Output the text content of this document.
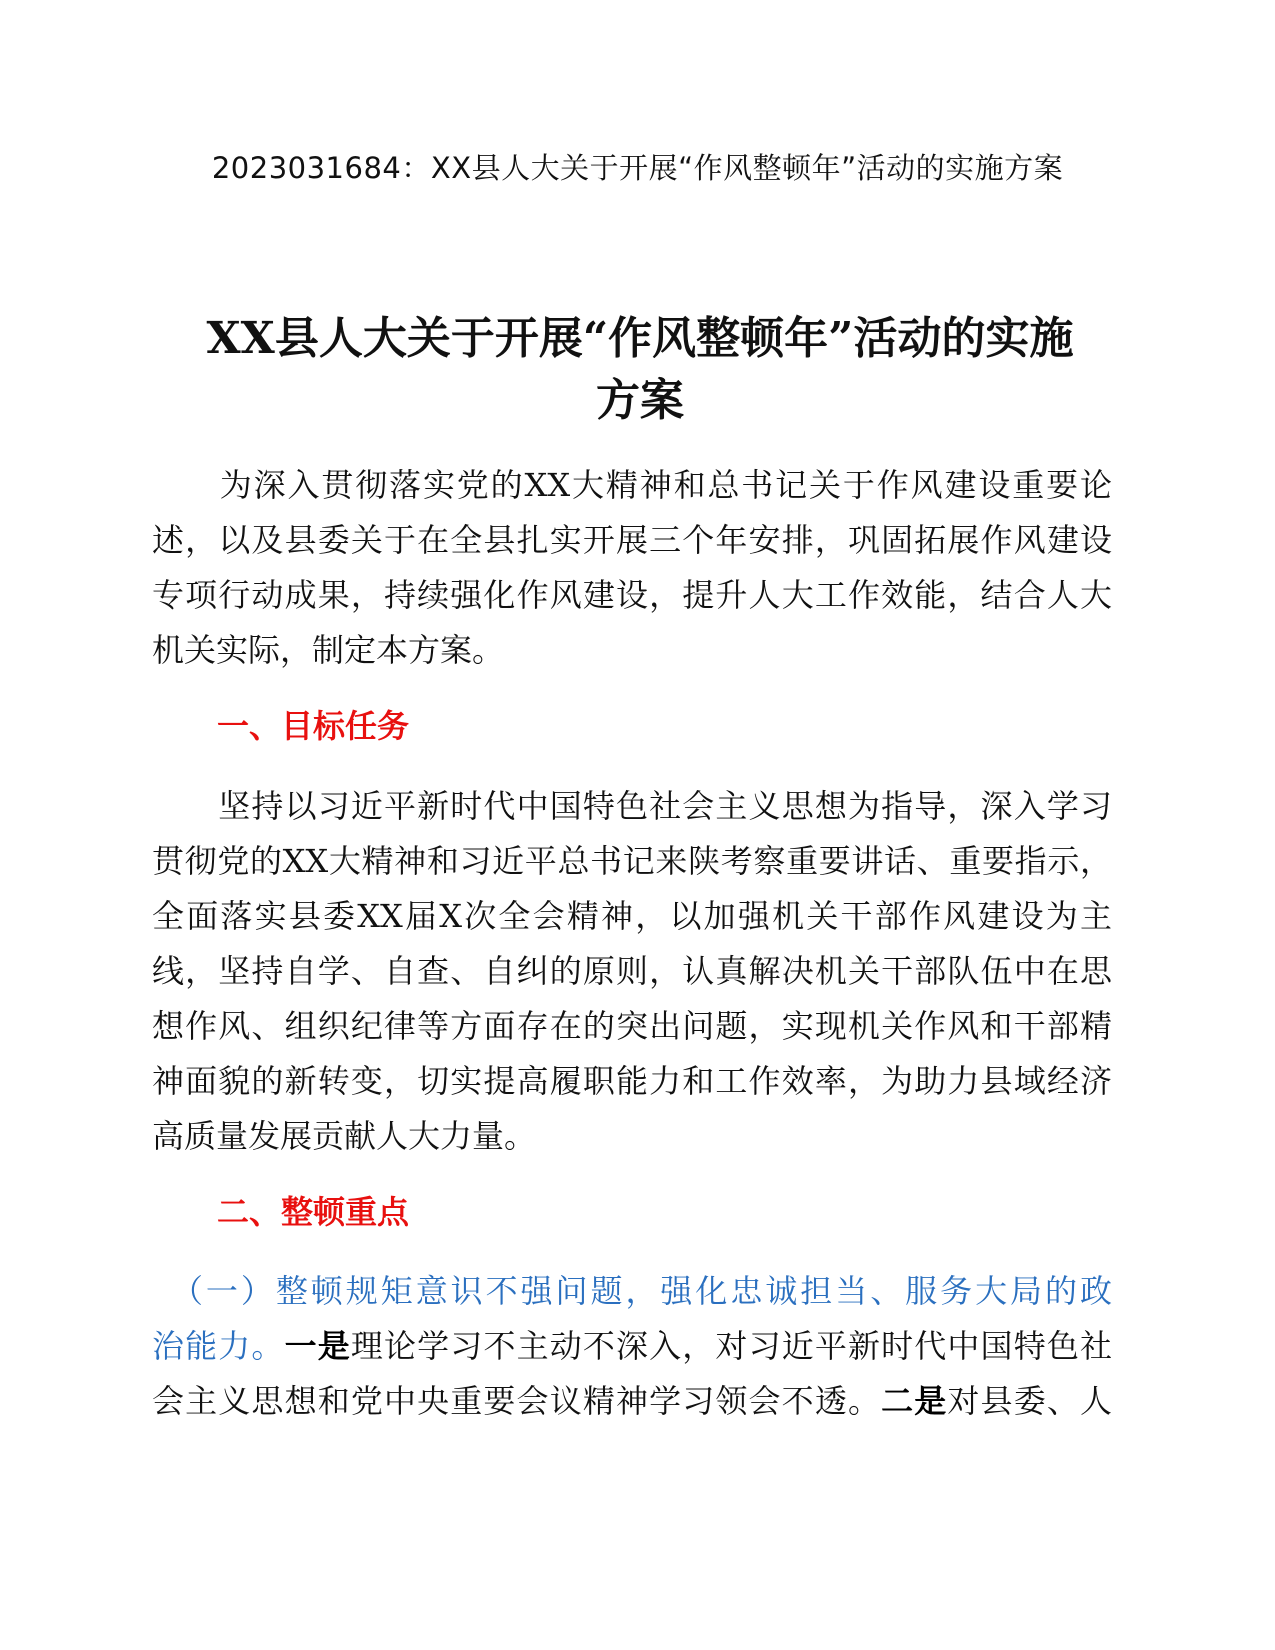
2023031684：XX县人大关于开展“作风整顿年”活动的实施方案
XX县人大关于开展“作风整顿年”活动的实施
方案
　　为深入贯彻落实党的XX大精神和总书记关于作风建设重要论
述，以及县委关于在全县扎实开展三个年安排，巩固拓展作风建设
专项行动成果，持续强化作风建设，提升人大工作效能，结合人大
机关实际，制定本方案。
一、目标任务
　　坚持以习近平新时代中国特色社会主义思想为指导，深入学习
贯彻党的XX大精神和习近平总书记来陕考察重要讲话、重要指示，
全面落实县委XX届X次全会精神，以加强机关干部作风建设为主
线，坚持自学、自查、自纠的原则，认真解决机关干部队伍中在思
想作风、组织纪律等方面存在的突出问题，实现机关作风和干部精
神面貌的新转变，切实提高履职能力和工作效率，为助力县域经济
高质量发展贡献人大力量。
二、整顿重点
　（一）整顿规矩意识不强问题，强化忠诚担当、服务大局的政
治能力。一是理论学习不主动不深入，对习近平新时代中国特色社
会主义思想和党中央重要会议精神学习领会不透。二是对县委、人
